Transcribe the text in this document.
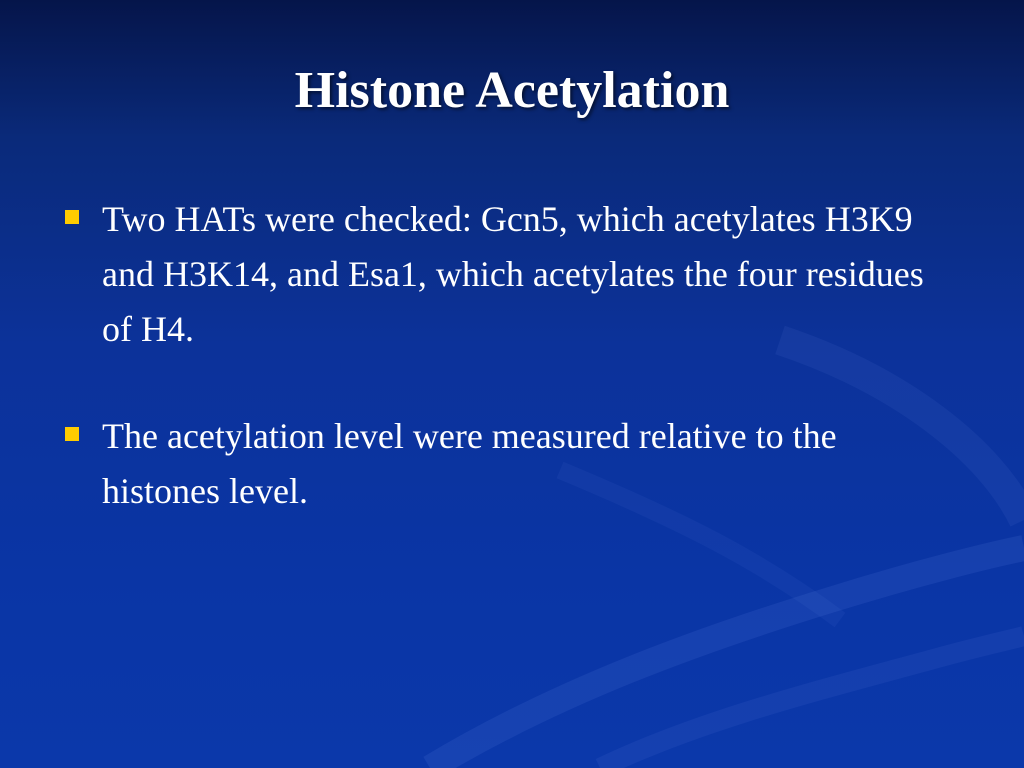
Histone Acetylation
Two HATs were checked: Gcn5, which acetylates H3K9 and H3K14, and Esa1, which acetylates the four residues of H4.
The acetylation level were measured relative to the histones level.
